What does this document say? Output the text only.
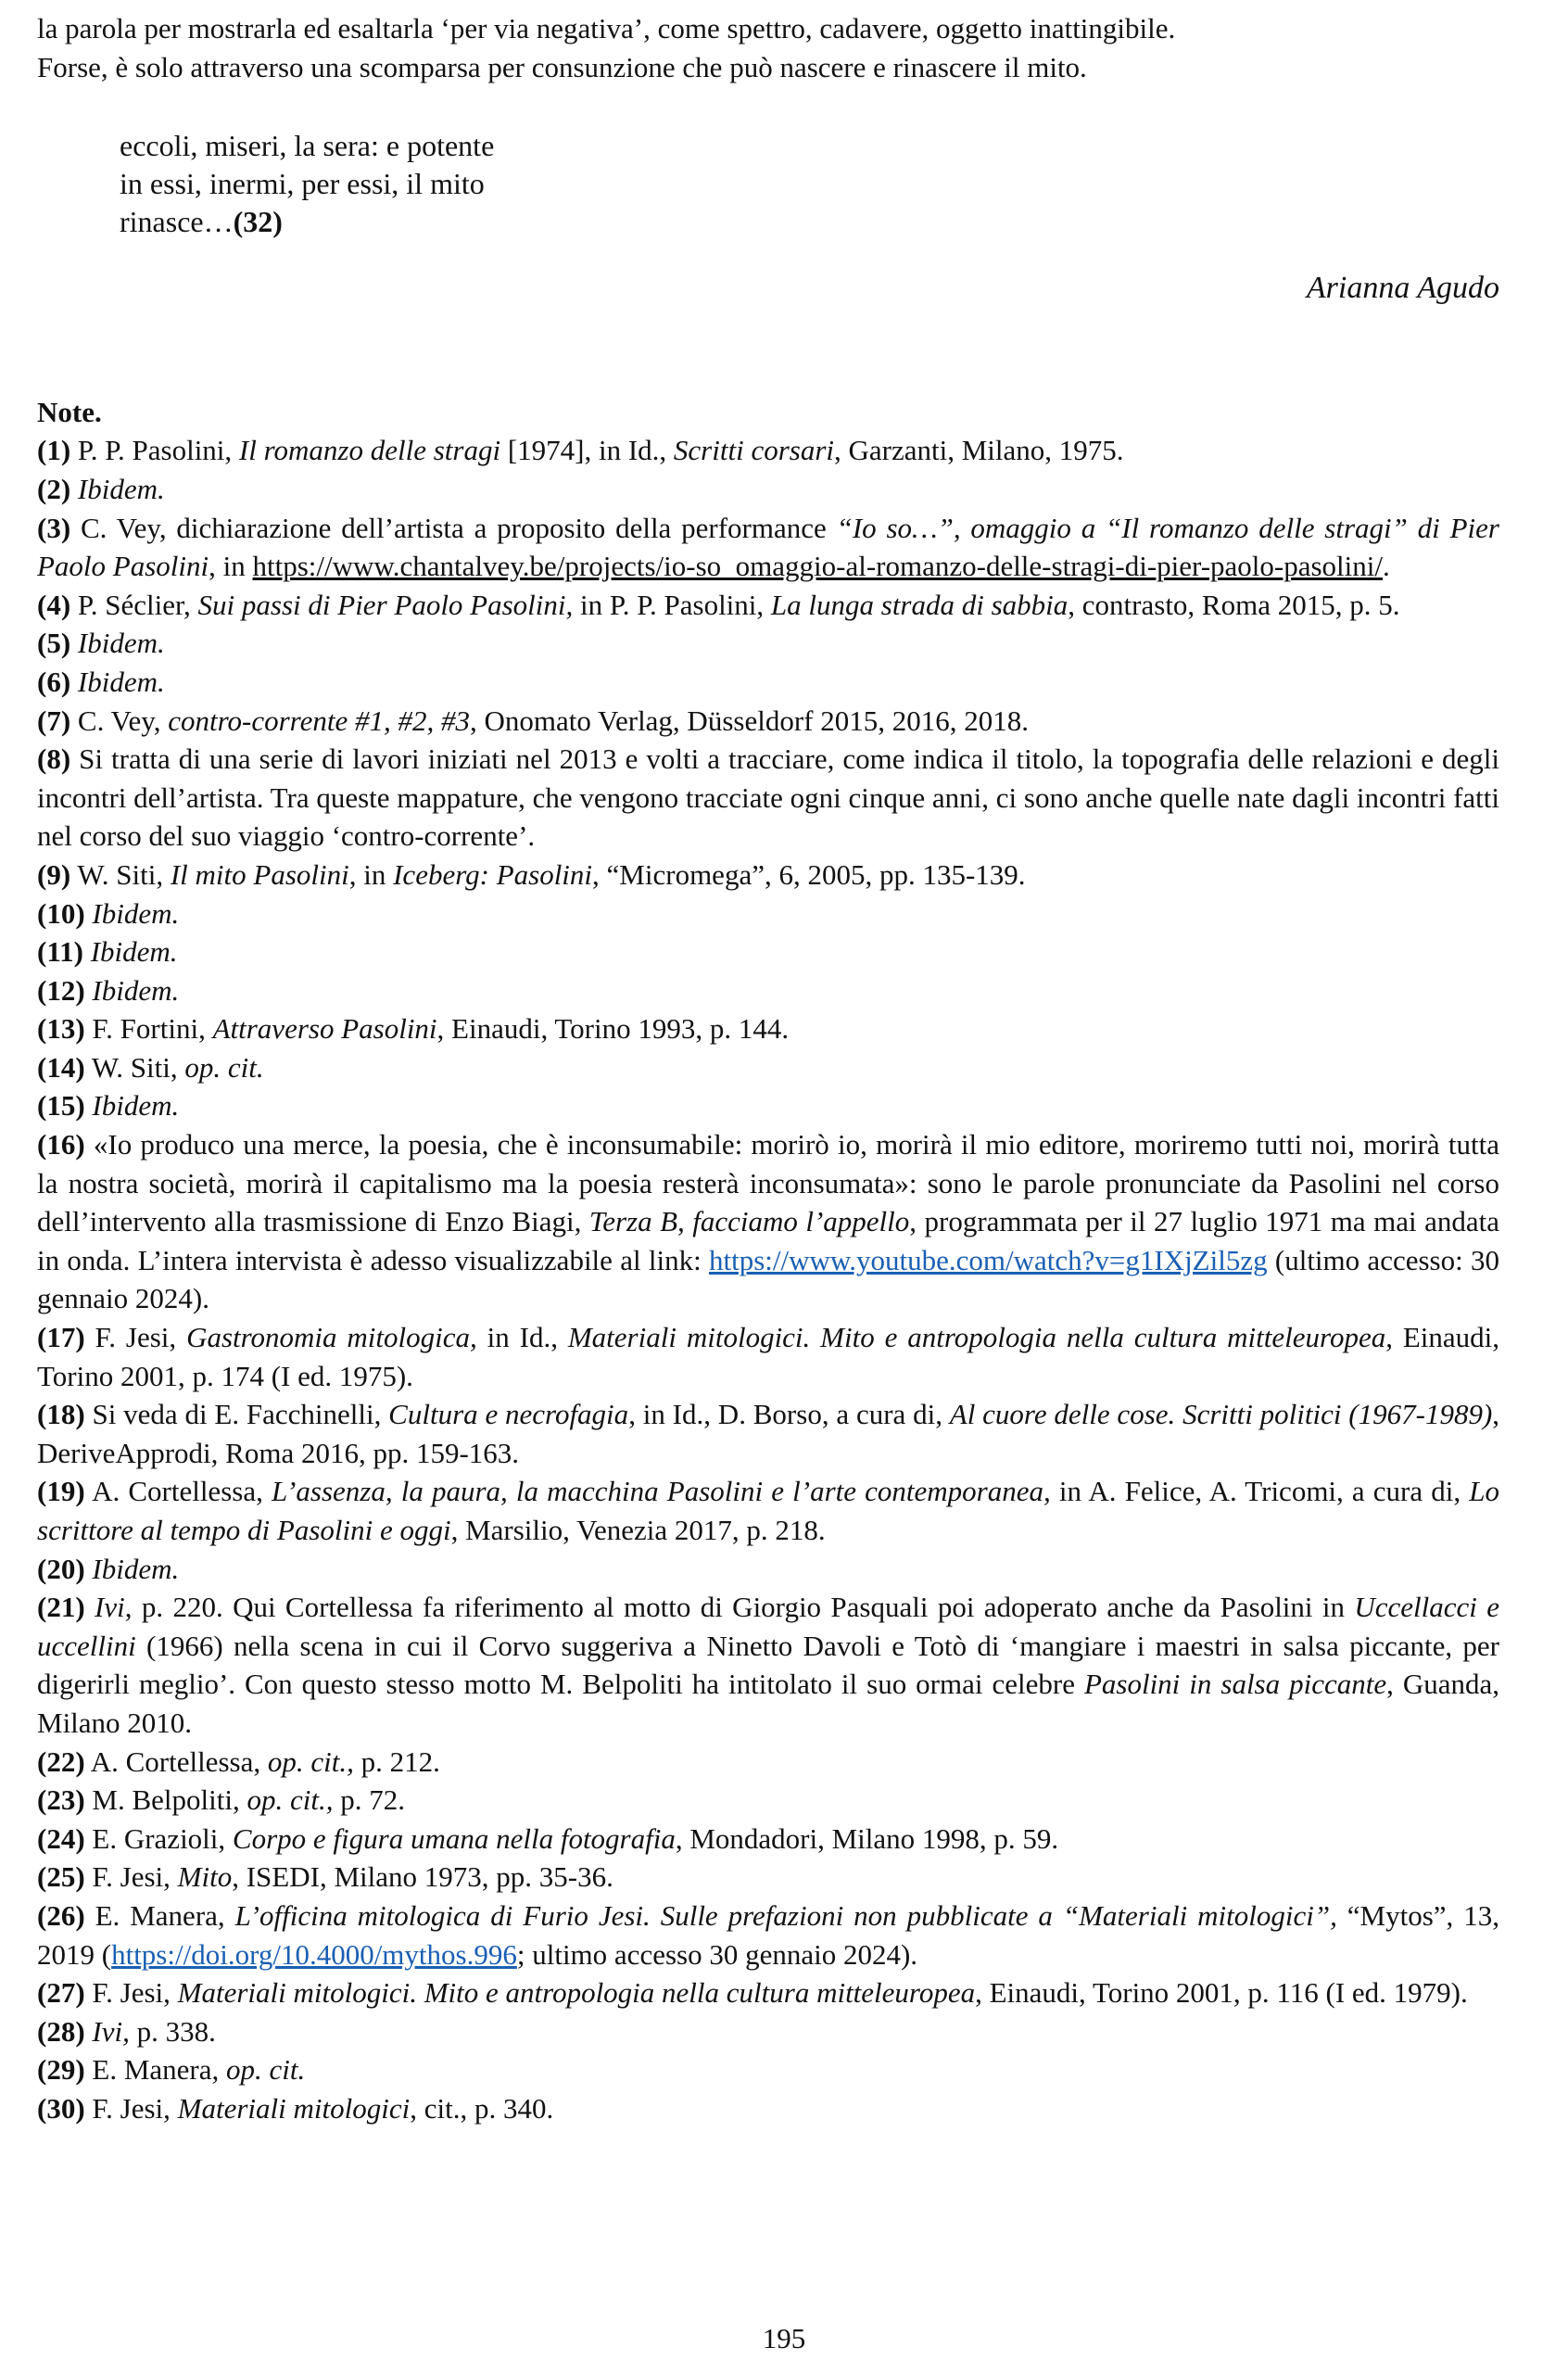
la parola per mostrarla ed esaltarla ‘per via negativa’, come spettro, cadavere, oggetto inattingibile.

Forse, è solo attraverso una scomparsa per consunzione che può nascere e rinascere il mito.

eccoli, miseri, la sera: e potente

in essi, inermi, per essi, il mito

rinasce…(32)

Arianna Agudo

Note.

(1) P. P. Pasolini, Il romanzo delle stragi [1974], in Id., Scritti corsari, Garzanti, Milano, 1975.

(2) Ibidem.

(3) C. Vey, dichiarazione dell’artista a proposito della performance “Io so…”, omaggio a “Il romanzo delle stragi” di Pier Paolo Pasolini, in https://www.chantalvey.be/projects/io-so_omaggio-al-romanzo-delle-stragi-di-pier-paolo-pasolini/.

(4) P. Séclier, Sui passi di Pier Paolo Pasolini, in P. P. Pasolini, La lunga strada di sabbia, contrasto, Roma 2015, p. 5.

(5) Ibidem.

(6) Ibidem.

(7) C. Vey, contro-corrente #1, #2, #3, Onomato Verlag, Düsseldorf 2015, 2016, 2018.

(8) Si tratta di una serie di lavori iniziati nel 2013 e volti a tracciare, come indica il titolo, la topografia delle relazioni e degli incontri dell’artista. Tra queste mappature, che vengono tracciate ogni cinque anni, ci sono anche quelle nate dagli incontri fatti nel corso del suo viaggio ‘contro-corrente’.

(9) W. Siti, Il mito Pasolini, in Iceberg: Pasolini, “Micromega”, 6, 2005, pp. 135-139.

(10) Ibidem.

(11) Ibidem.

(12) Ibidem.

(13) F. Fortini, Attraverso Pasolini, Einaudi, Torino 1993, p. 144.

(14) W. Siti, op. cit.

(15) Ibidem.

(16) «Io produco una merce, la poesia, che è inconsumabile: morirò io, morirà il mio editore, moriremo tutti noi, morirà tutta la nostra società, morirà il capitalismo ma la poesia resterà inconsumata»: sono le parole pronunciate da Pasolini nel corso dell’intervento alla trasmissione di Enzo Biagi, Terza B, facciamo l’appello, programmata per il 27 luglio 1971 ma mai andata in onda. L’intera intervista è adesso visualizzabile al link: https://www.youtube.com/watch?v=g1IXjZil5zg (ultimo accesso: 30 gennaio 2024).

(17) F. Jesi, Gastronomia mitologica, in Id., Materiali mitologici. Mito e antropologia nella cultura mitteleuropea, Einaudi, Torino 2001, p. 174 (I ed. 1975).

(18) Si veda di E. Facchinelli, Cultura e necrofagia, in Id., D. Borso, a cura di, Al cuore delle cose. Scritti politici (1967-1989), DeriveApprodi, Roma 2016, pp. 159-163.

(19) A. Cortellessa, L’assenza, la paura, la macchina Pasolini e l’arte contemporanea, in A. Felice, A. Tricomi, a cura di, Lo scrittore al tempo di Pasolini e oggi, Marsilio, Venezia 2017, p. 218.

(20) Ibidem.

(21) Ivi, p. 220. Qui Cortellessa fa riferimento al motto di Giorgio Pasquali poi adoperato anche da Pasolini in Uccellacci e uccellini (1966) nella scena in cui il Corvo suggeriva a Ninetto Davoli e Totò di ‘mangiare i maestri in salsa piccante, per digerirli meglio’. Con questo stesso motto M. Belpoliti ha intitolato il suo ormai celebre Pasolini in salsa piccante, Guanda, Milano 2010.

(22) A. Cortellessa, op. cit., p. 212.

(23) M. Belpoliti, op. cit., p. 72.

(24) E. Grazioli, Corpo e figura umana nella fotografia, Mondadori, Milano 1998, p. 59.

(25) F. Jesi, Mito, ISEDI, Milano 1973, pp. 35-36.

(26) E. Manera, L’officina mitologica di Furio Jesi. Sulle prefazioni non pubblicate a “Materiali mitologici”, “Mytos”, 13, 2019 (https://doi.org/10.4000/mythos.996; ultimo accesso 30 gennaio 2024).

(27) F. Jesi, Materiali mitologici. Mito e antropologia nella cultura mitteleuropea, Einaudi, Torino 2001, p. 116 (I ed. 1979).

(28) Ivi, p. 338.

(29) E. Manera, op. cit.

(30) F. Jesi, Materiali mitologici, cit., p. 340.

195
